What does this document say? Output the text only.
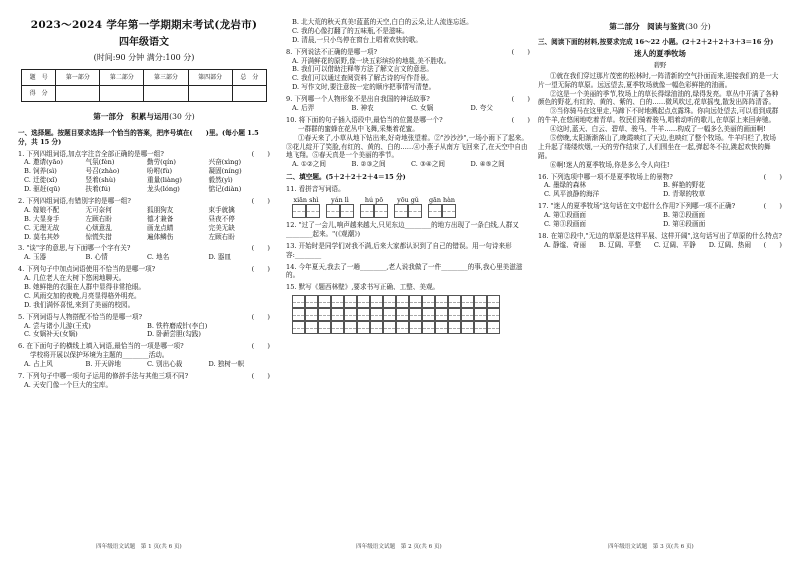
2023～2024 学年第一学期期末考试(龙岩市)
四年级语文
(时间:90 分钟 满分:100 分)
题　号	第一部分	第二部分	第三部分	第四部分	总　分
得　分					
第一部分　积累与运用(30 分)
一、选择题。按题目要求选择一个恰当的答案，把序号填在(　　)里。(每小题 1.5 分，共 15 分)
1. 下列四组词语,加点字注音全部正确的是哪一组?	(　　)
A. 邀请(yāo)	气氛(fèn)	勤劳(qín)	兴奋(xìng)
B. 饲养(sì)	号召(zhào)	吩咐(fù)	凝固(níng)
C. 迁徙(xǐ)	竖着(shù)	重量(liàng)	毅然(yì)
D. 驱赶(qū)	扶着(fú)	龙头(lóng)	惦记(diàn)
2. 下列四组词语,有错别字的是哪一组?	(　　)
A. 嫁娘不配	无可奈何	狐朋狗友	束手就擒
B. 大显身手	左顾右盼	德才兼备	昼夜不停
C. 无理无故	心烦意乱	画龙点睛	完美无缺
D. 莫名其妙	惊慌失措	遍体鳞伤	左顾右盼
3. "谈"字的意思,与下面哪一个字有关?	(　　)
A. 玉器	B. 心情	C. 地名	D. 器皿
4. 下列句子中加点词语使用不恰当的是哪一项?	(　　)
A. 几位老人在大树下悠闲地聊天。
B. 她鲜艳的衣服在人群中显得非常抢眼。
C. 风雨交加的夜晚,月亮显得格外明亮。
D. 我们满怀喜悦,来到了美丽的校园。
5. 下列词语与人物搭配不恰当的是哪一项?	(　　)
A. 尝与诸小儿游(王戎)	B. 铁杵磨成针(李白)
C. 女娲补天(女娲)	D. 卧薪尝胆(勾践)
6. 在下面句子的横线上填入词语,最恰当的一项是哪一项?	(　　)
学校将开展以保护环境为主题的________活动。
A. 占上风	B. 开天辟地	C. 别出心裁	D. 独树一帜
7. 下列句子中哪一项句子运用的修辞手法与其他三项不同?	(　　)
A. 天安门像一个巨大的宝库。
四年级语文试题　第 1 页(共 6 页)
B. 北大荒的秋天真美!蓝蓝的天空,白白的云朵,让人流连忘返。
C. 我的心像打翻了的五味瓶,不是滋味。
D. 清晨,一只小鸟停在窗台上唱着欢快的歌。
8. 下列说法不正确的是哪一项?	(　　)
A. 开满鲜花的原野,像一块五彩缤纷的地毯,美不胜收。
B. 我们可以借助注释等方法了解文言文的意思。
C. 我们可以通过查阅资料了解古诗的写作背景。
D. 写作文时,要注意按一定的顺序把事情写清楚。
9. 下列哪一个人物形象不是出自我国的神话故事?	(　　)
A. 后羿	B. 神农	C. 女娲	D. 夸父
10. 将下面的句子插入语段中,最恰当的位置是哪一个?	(　　)
一群群的蜜蜂在花丛中飞舞,采集着花蜜。
①春天来了,小草从地下钻出来,好奇地张望着。②"沙沙沙",一场小雨下了起来。③花儿绽开了笑脸,有红的、黄的、白的……④小燕子从南方飞回来了,在天空中自由地飞翔。⑤春天真是一个美丽的季节。
A. ①②之间	B. ②③之间	C. ③④之间	D. ④⑤之间
二、填空题。(5＋2＋2＋2＋4＝15 分)
11. 看拼音写词语。
xiān shì yán lì	hú pō yōu gǔ gān hàn
12. "过了一会儿,响声越来越大,只见东边________的地方出现了一条白线,人群又________起来。"(《观潮》)
13. 开始时是同学们对我不满,后来大家都认识到了自己的错误。用一句诗来形容:________
14. 今年夏天,我去了一趟________,老人说我做了一件________的事,我心里美滋滋的。
15. 默写《题西林壁》,要求书写正确、工整、美观。
四年级语文试题　第 2 页(共 6 页)
第二部分　阅读与鉴赏(30 分)
三、阅读下面的材料,按要求完成 16～22 小题。(2＋2＋2＋2＋3＋3＝16 分)
迷人的夏季牧场
碧野
①就在我们穿过那片茂密的松林时,一阵清新的空气扑面而来,迎接我们的是一大片一望无际的草原。远远望去,夏季牧场就像一幅色彩鲜艳的油画。
②这是一个美丽的季节,牧场上的草长得绿油油的,绿得发亮。草丛中开满了各种颜色的野花,有红的、黄的、紫的、白的……微风吹过,花草摇曳,散发出阵阵清香。
③当你骑马在这里走,马蹄下不时地溅起点点露珠。你向远处望去,可以看到成群的牛羊,在悠闲地吃着青草。牧民们骑着骏马,唱着动听的歌儿,在草原上来回奔驰。
④这时,蓝天、白云、碧草、骏马、牛羊……构成了一幅多么美丽的画面啊!
⑤傍晚,太阳渐渐落山了,晚霞映红了天边,也映红了整个牧场。牛羊归栏了,牧场上升起了缕缕炊烟,一天的劳作结束了,人们围坐在一起,弹起冬不拉,跳起欢快的舞蹈。
⑥啊!迷人的夏季牧场,你是多么令人向往!
16. 下列选项中哪一项不是夏季牧场上的景物?	(　　)
A. 墨绿的森林	B. 鲜艳的野花
C. 风平浪静的海洋	D. 青翠的牧草
17. "迷人的夏季牧场"这句话在文中起什么作用?下列哪一项不正确?	(　　)
A. 第①段画面	B. 第②段画面
C. 第③段画面	D. 第④段画面
18. 在第②段中,"无边的草原是这样平展、这样开阔",这句话写出了草原的什么特点?
(　　)
A. 静谧、奇丽	B. 辽阔、平整	C. 辽阔、平静	D. 辽阔、热闹
四年级语文试题　第 3 页(共 6 页)
